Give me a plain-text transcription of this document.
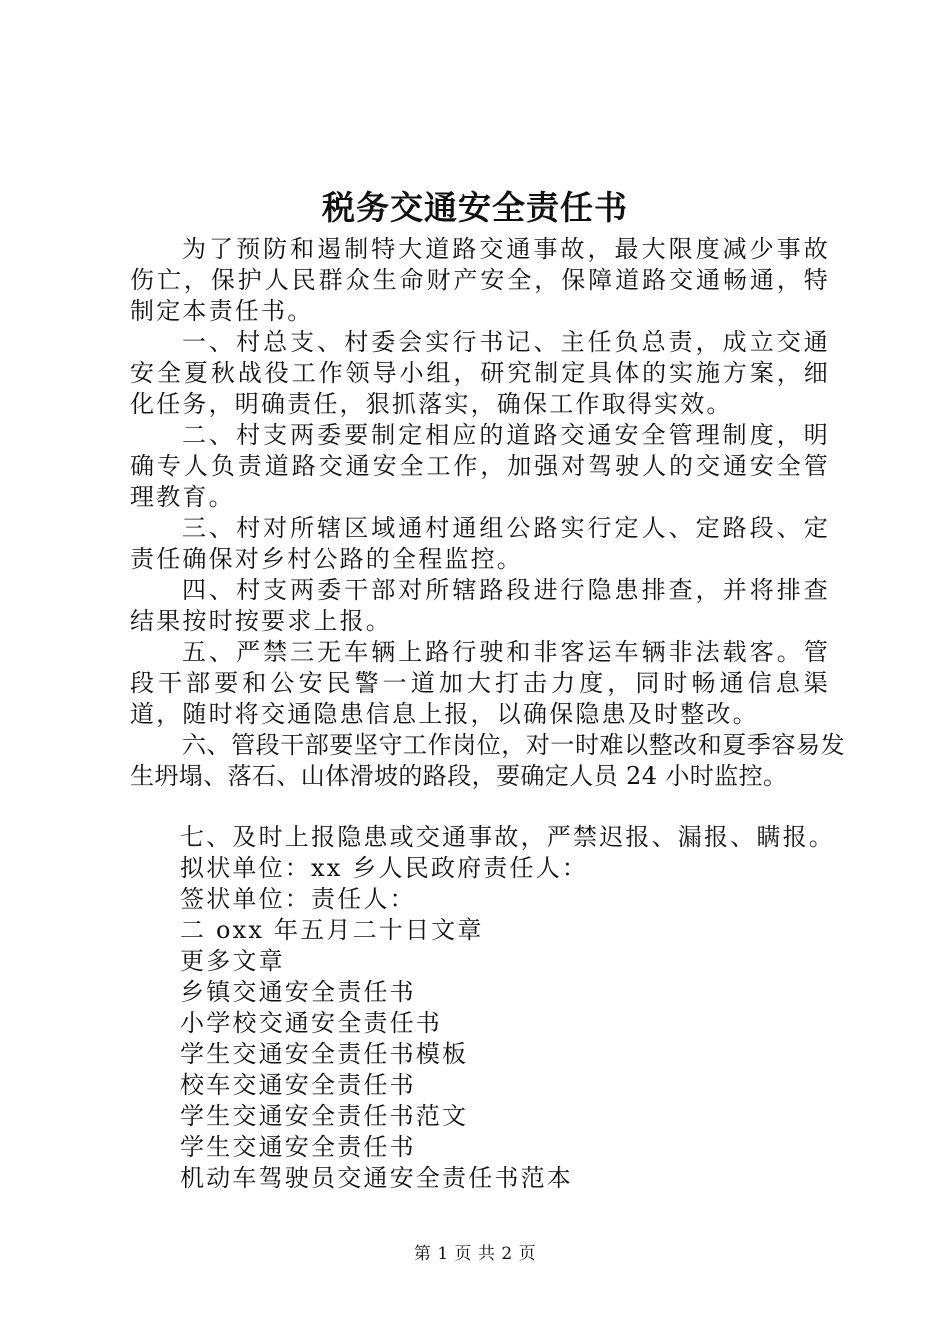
税务交通安全责任书

为了预防和遏制特大道路交通事故，最大限度减少事故伤亡，保护人民群众生命财产安全，保障道路交通畅通，特制定本责任书。

一、村总支、村委会实行书记、主任负总责，成立交通安全夏秋战役工作领导小组，研究制定具体的实施方案，细化任务，明确责任，狠抓落实，确保工作取得实效。

二、村支两委要制定相应的道路交通安全管理制度，明确专人负责道路交通安全工作，加强对驾驶人的交通安全管理教育。

三、村对所辖区域通村通组公路实行定人、定路段、定责任确保对乡村公路的全程监控。

四、村支两委干部对所辖路段进行隐患排查，并将排查结果按时按要求上报。

五、严禁三无车辆上路行驶和非客运车辆非法载客。管段干部要和公安民警一道加大打击力度，同时畅通信息渠道，随时将交通隐患信息上报，以确保隐患及时整改。

六、管段干部要坚守工作岗位，对一时难以整改和夏季容易发生坍塌、落石、山体滑坡的路段，要确定人员 24 小时监控。

七、及时上报隐患或交通事故，严禁迟报、漏报、瞒报。

拟状单位：xx 乡人民政府责任人：

签状单位：责任人：

二 oxx 年五月二十日文章

更多文章

乡镇交通安全责任书

小学校交通安全责任书

学生交通安全责任书模板

校车交通安全责任书

学生交通安全责任书范文

学生交通安全责任书

机动车驾驶员交通安全责任书范本

第 1 页 共 2 页
